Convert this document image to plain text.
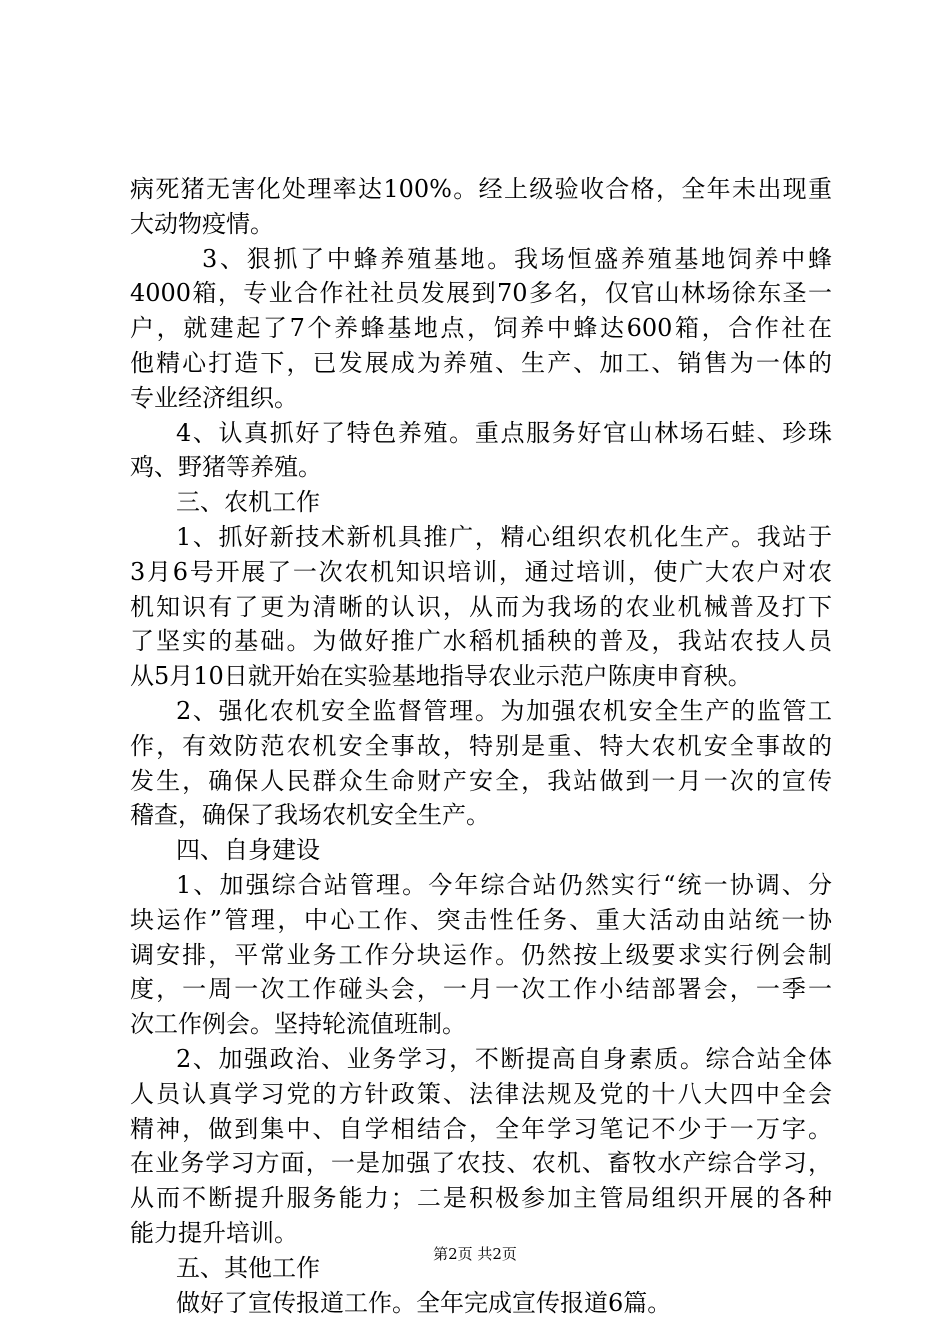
病死猪无害化处理率达100%。经上级验收合格，全年未出现重
大动物疫情。
3、狠抓了中蜂养殖基地。我场恒盛养殖基地饲养中蜂
4000箱，专业合作社社员发展到70多名，仅官山林场徐东圣一
户，就建起了7个养蜂基地点，饲养中蜂达600箱，合作社在
他精心打造下，已发展成为养殖、生产、加工、销售为一体的
专业经济组织。
4、认真抓好了特色养殖。重点服务好官山林场石蛙、珍珠
鸡、野猪等养殖。
三、农机工作
1、抓好新技术新机具推广，精心组织农机化生产。我站于
3月6号开展了一次农机知识培训，通过培训，使广大农户对农
机知识有了更为清晰的认识，从而为我场的农业机械普及打下
了坚实的基础。为做好推广水稻机插秧的普及，我站农技人员
从5月10日就开始在实验基地指导农业示范户陈庚申育秧。
2、强化农机安全监督管理。为加强农机安全生产的监管工
作，有效防范农机安全事故，特别是重、特大农机安全事故的
发生，确保人民群众生命财产安全，我站做到一月一次的宣传
稽查，确保了我场农机安全生产。
四、自身建设
1、加强综合站管理。今年综合站仍然实行“统一协调、分
块运作”管理，中心工作、突击性任务、重大活动由站统一协
调安排，平常业务工作分块运作。仍然按上级要求实行例会制
度，一周一次工作碰头会，一月一次工作小结部署会，一季一
次工作例会。坚持轮流值班制。
2、加强政治、业务学习，不断提高自身素质。综合站全体
人员认真学习党的方针政策、法律法规及党的十八大四中全会
精神，做到集中、自学相结合，全年学习笔记不少于一万字。
在业务学习方面，一是加强了农技、农机、畜牧水产综合学习，
从而不断提升服务能力；二是积极参加主管局组织开展的各种
能力提升培训。
五、其他工作
做好了宣传报道工作。全年完成宣传报道6篇。
第2页 共2页
